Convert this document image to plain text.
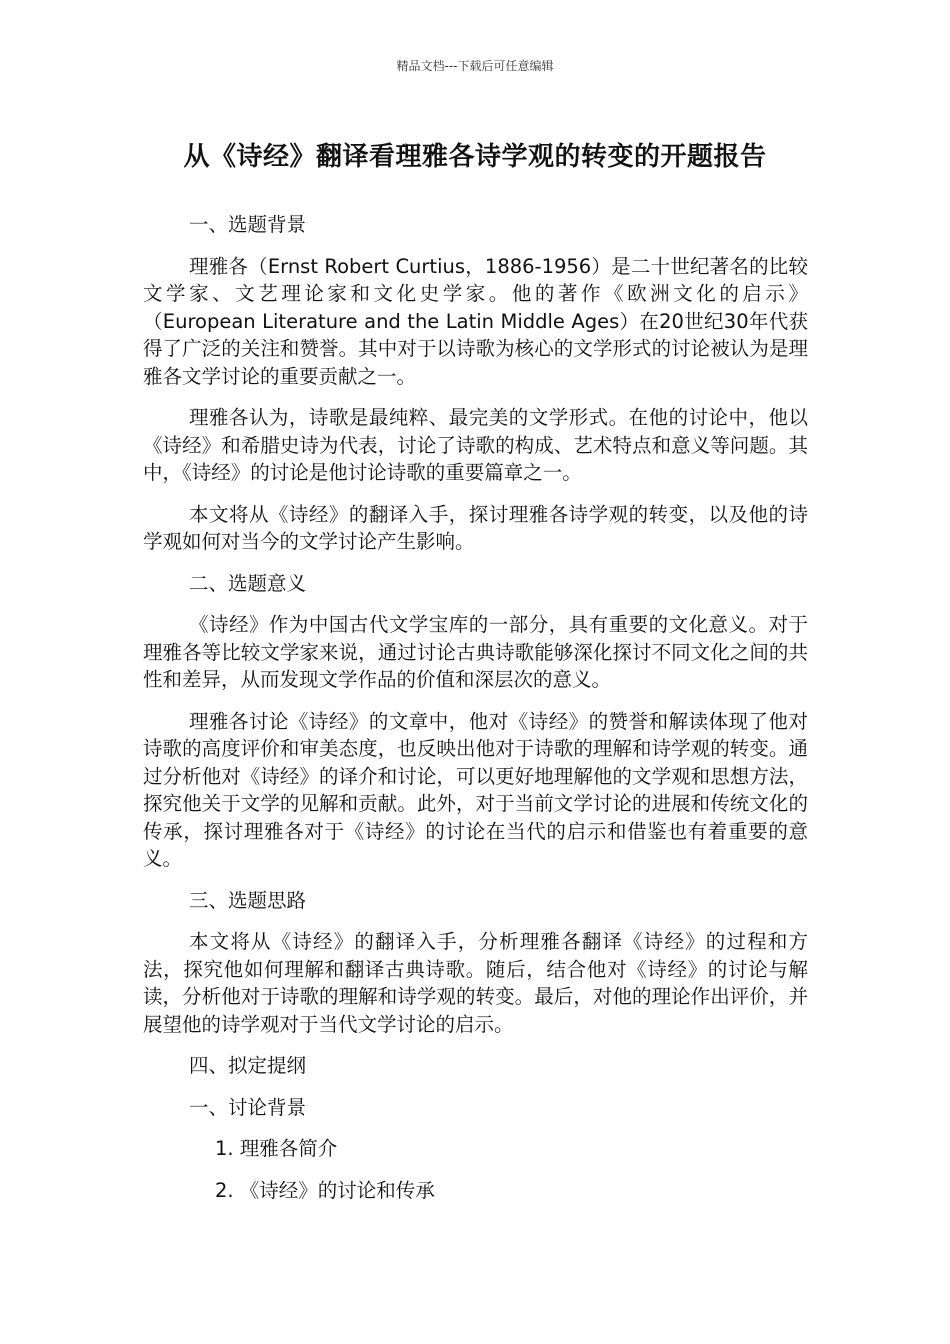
精品文档---下载后可任意编辑
从《诗经》翻译看理雅各诗学观的转变的开题报告

一、选题背景

理雅各（Ernst Robert Curtius，1886-1956）是二十世纪著名的比较文学家、文艺理论家和文化史学家。他的著作《欧洲文化的启示》（European Literature and the Latin Middle Ages）在20世纪30年代获得了广泛的关注和赞誉。其中对于以诗歌为核心的文学形式的讨论被认为是理雅各文学讨论的重要贡献之一。

理雅各认为，诗歌是最纯粹、最完美的文学形式。在他的讨论中，他以《诗经》和希腊史诗为代表，讨论了诗歌的构成、艺术特点和意义等问题。其中，《诗经》的讨论是他讨论诗歌的重要篇章之一。

本文将从《诗经》的翻译入手，探讨理雅各诗学观的转变，以及他的诗学观如何对当今的文学讨论产生影响。

二、选题意义

《诗经》作为中国古代文学宝库的一部分，具有重要的文化意义。对于理雅各等比较文学家来说，通过讨论古典诗歌能够深化探讨不同文化之间的共性和差异，从而发现文学作品的价值和深层次的意义。

理雅各讨论《诗经》的文章中，他对《诗经》的赞誉和解读体现了他对诗歌的高度评价和审美态度，也反映出他对于诗歌的理解和诗学观的转变。通过分析他对《诗经》的译介和讨论，可以更好地理解他的文学观和思想方法，探究他关于文学的见解和贡献。此外，对于当前文学讨论的进展和传统文化的传承，探讨理雅各对于《诗经》的讨论在当代的启示和借鉴也有着重要的意义。

三、选题思路

本文将从《诗经》的翻译入手，分析理雅各翻译《诗经》的过程和方法，探究他如何理解和翻译古典诗歌。随后，结合他对《诗经》的讨论与解读，分析他对于诗歌的理解和诗学观的转变。最后，对他的理论作出评价，并展望他的诗学观对于当代文学讨论的启示。

四、拟定提纲

一、讨论背景

1. 理雅各简介

2. 《诗经》的讨论和传承
